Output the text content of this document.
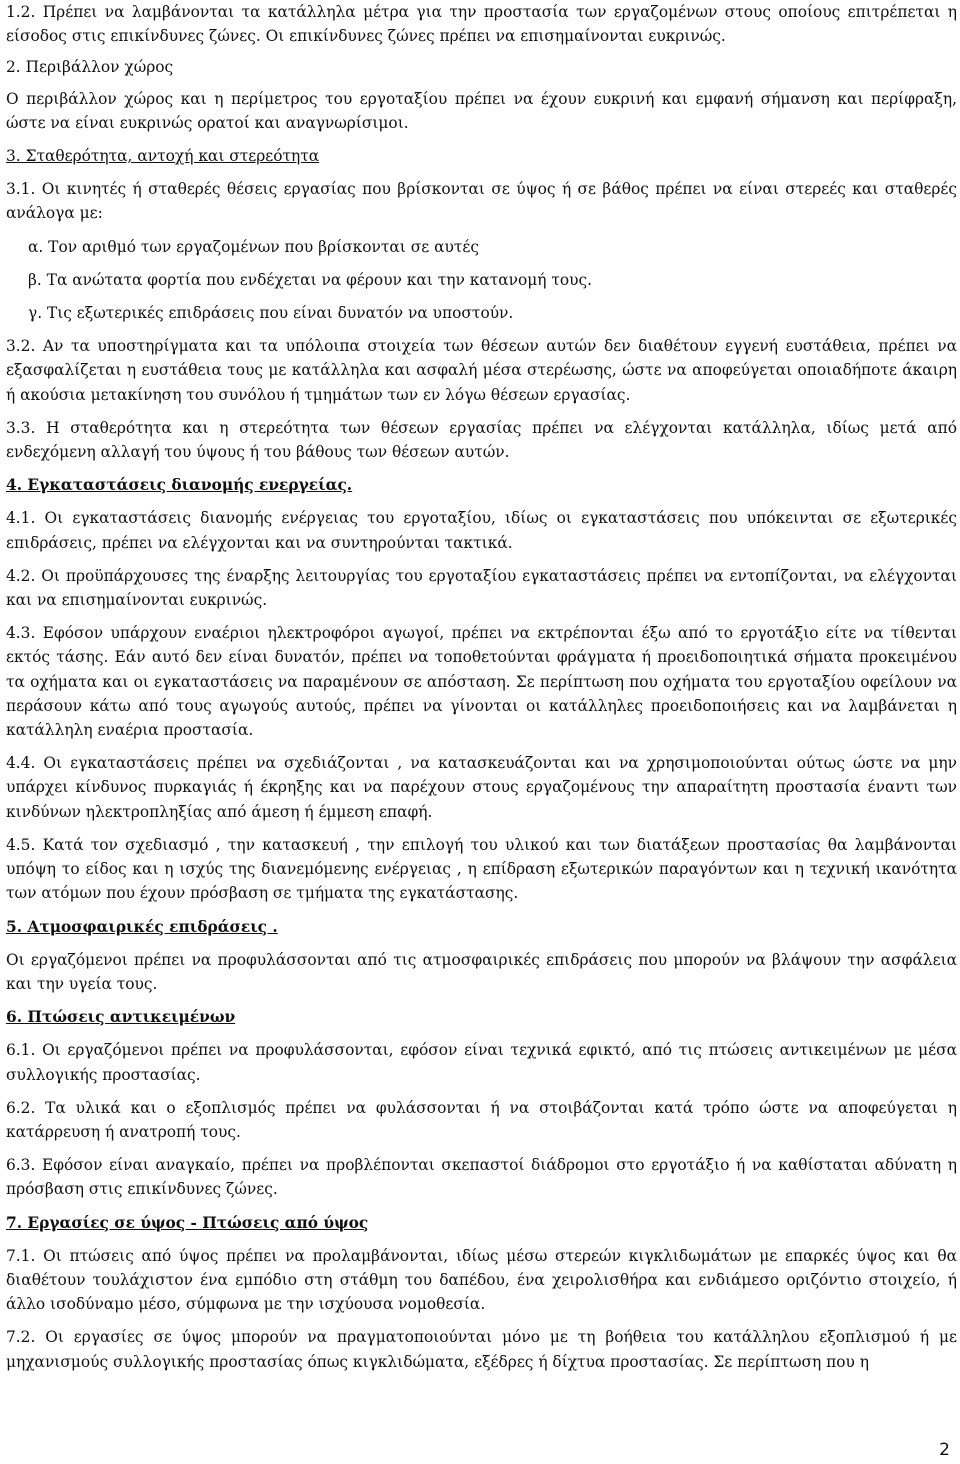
1.2. Πρέπει να λαμβάνονται τα κατάλληλα μέτρα για την προστασία των εργαζομένων στους οποίους επιτρέπεται η είσοδος στις επικίνδυνες ζώνες. Οι επικίνδυνες ζώνες πρέπει να επισημαίνονται ευκρινώς.

2. Περιβάλλον χώρος

Ο περιβάλλον χώρος και η περίμετρος του εργοταξίου πρέπει να έχουν ευκρινή και εμφανή σήμανση και περίφραξη, ώστε να είναι ευκρινώς ορατοί και αναγνωρίσιμοι.

3. Σταθερότητα, αντοχή και στερεότητα

3.1. Οι κινητές ή σταθερές θέσεις εργασίας που βρίσκονται σε ύψος ή σε βάθος πρέπει να είναι στερεές και σταθερές ανάλογα με:

α. Τον αριθμό των εργαζομένων που βρίσκονται σε αυτές

β. Τα ανώτατα φορτία που ενδέχεται να φέρουν και την κατανομή τους.

γ. Τις εξωτερικές επιδράσεις που είναι δυνατόν να υποστούν.

3.2. Αν τα υποστηρίγματα και τα υπόλοιπα στοιχεία των θέσεων αυτών δεν διαθέτουν εγγενή ευστάθεια, πρέπει να εξασφαλίζεται η ευστάθεια τους με κατάλληλα και ασφαλή μέσα στερέωσης, ώστε να αποφεύγεται οποιαδήποτε άκαιρη ή ακούσια μετακίνηση του συνόλου ή τμημάτων των εν λόγω θέσεων εργασίας.

3.3. Η σταθερότητα και η στερεότητα των θέσεων εργασίας πρέπει να ελέγχονται κατάλληλα, ιδίως μετά από ενδεχόμενη αλλαγή του ύψους ή του βάθους των θέσεων αυτών.

4. Εγκαταστάσεις διανομής ενεργείας.

4.1. Οι εγκαταστάσεις διανομής ενέργειας του εργοταξίου, ιδίως οι εγκαταστάσεις που υπόκεινται σε εξωτερικές επιδράσεις, πρέπει να ελέγχονται και να συντηρούνται τακτικά.

4.2. Οι προϋπάρχουσες της έναρξης λειτουργίας του εργοταξίου εγκαταστάσεις πρέπει να εντοπίζονται, να ελέγχονται και να επισημαίνονται ευκρινώς.

4.3. Εφόσον υπάρχουν εναέριοι ηλεκτροφόροι αγωγοί, πρέπει να εκτρέπονται έξω από το εργοτάξιο είτε να τίθενται εκτός τάσης. Εάν αυτό δεν είναι δυνατόν, πρέπει να τοποθετούνται φράγματα ή προειδοποιητικά σήματα προκειμένου τα οχήματα και οι εγκαταστάσεις να παραμένουν σε απόσταση. Σε περίπτωση που οχήματα του εργοταξίου οφείλουν να περάσουν κάτω από τους αγωγούς αυτούς, πρέπει να γίνονται οι κατάλληλες προειδοποιήσεις και να λαμβάνεται η κατάλληλη εναέρια προστασία.

4.4. Οι εγκαταστάσεις πρέπει να σχεδιάζονται , να κατασκευάζονται και να χρησιμοποιούνται ούτως ώστε να μην υπάρχει κίνδυνος πυρκαγιάς ή έκρηξης και να παρέχουν στους εργαζομένους την απαραίτητη προστασία έναντι των κινδύνων ηλεκτροπληξίας από άμεση ή έμμεση επαφή.

4.5. Κατά τον σχεδιασμό , την κατασκευή , την επιλογή του υλικού και των διατάξεων προστασίας θα λαμβάνονται υπόψη το είδος και η ισχύς της διανεμόμενης ενέργειας , η επίδραση εξωτερικών παραγόντων και η τεχνική ικανότητα των ατόμων που έχουν πρόσβαση σε τμήματα της εγκατάστασης.

5. Ατμοσφαιρικές επιδράσεις .

Οι εργαζόμενοι πρέπει να προφυλάσσονται από τις ατμοσφαιρικές επιδράσεις που μπορούν να βλάψουν την ασφάλεια και την υγεία τους.

6. Πτώσεις αντικειμένων

6.1. Οι εργαζόμενοι πρέπει να προφυλάσσονται, εφόσον είναι τεχνικά εφικτό, από τις πτώσεις αντικειμένων με μέσα συλλογικής προστασίας.

6.2. Τα υλικά και ο εξοπλισμός πρέπει να φυλάσσονται ή να στοιβάζονται κατά τρόπο ώστε να αποφεύγεται η κατάρρευση ή ανατροπή τους.

6.3. Εφόσον είναι αναγκαίο, πρέπει να προβλέπονται σκεπαστοί διάδρομοι στο εργοτάξιο ή να καθίσταται αδύνατη η πρόσβαση στις επικίνδυνες ζώνες.

7. Εργασίες σε ύψος - Πτώσεις από ύψος

7.1. Οι πτώσεις από ύψος πρέπει να προλαμβάνονται, ιδίως μέσω στερεών κιγκλιδωμάτων με επαρκές ύψος και θα διαθέτουν τουλάχιστον ένα εμπόδιο στη στάθμη του δαπέδου, ένα χειρολισθήρα και ενδιάμεσο οριζόντιο στοιχείο, ή άλλο ισοδύναμο μέσο, σύμφωνα με την ισχύουσα νομοθεσία.

7.2. Οι εργασίες σε ύψος μπορούν να πραγματοποιούνται μόνο με τη βοήθεια του κατάλληλου εξοπλισμού ή με μηχανισμούς συλλογικής προστασίας όπως κιγκλιδώματα, εξέδρες ή δίχτυα προστασίας. Σε περίπτωση που η

2
